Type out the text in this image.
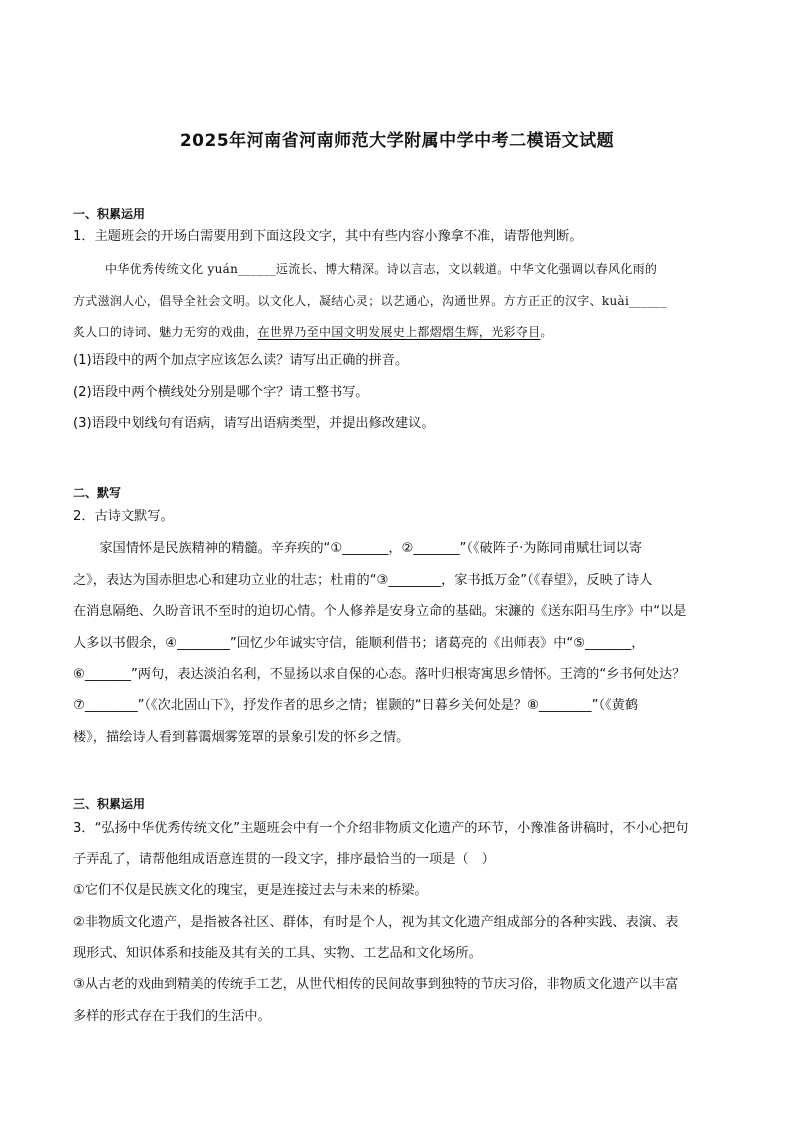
2025年河南省河南师范大学附属中学中考二模语文试题
一、积累运用
1．主题班会的开场白需要用到下面这段文字，其中有些内容小豫拿不准，请帮他判断。
中华优秀传统文化 yuán______远流长、博大精深。诗以言志，文以载道。中华文化强调以春风化雨的
方式滋润人心，倡导全社会文明。以文化人，凝结心灵；以艺通心，沟通世界。方方正正的汉字、kuài______
炙人口的诗词、魅力无穷的戏曲，在世界乃至中国文明发展史上都熠熠生辉，光彩夺目。
(1)语段中的两个加点字应该怎么读？请写出正确的拼音。
(2)语段中两个横线处分别是哪个字？请工整书写。
(3)语段中划线句有语病，请写出语病类型，并提出修改建议。
二、默写
2．古诗文默写。
　　家国情怀是民族精神的精髓。辛弃疾的“①_______，②_______”（《破阵子·为陈同甫赋壮词以寄
之》，表达为国赤胆忠心和建功立业的壮志；杜甫的“③________，家书抵万金”（《春望》，反映了诗人
在消息隔绝、久盼音讯不至时的迫切心情。个人修养是安身立命的基础。宋濂的《送东阳马生序》中“以是
人多以书假余，④________”回忆少年诚实守信，能顺利借书；诸葛亮的《出师表》中“⑤_______，
⑥_______”两句，表达淡泊名利，不显扬以求自保的心态。落叶归根寄寓思乡情怀。王湾的“乡书何处达？
⑦________”（《次北固山下》，抒发作者的思乡之情；崔颢的“日暮乡关何处是？⑧________”（《黄鹤
楼》，描绘诗人看到暮霭烟雾笼罩的景象引发的怀乡之情。
三、积累运用
3．“弘扬中华优秀传统文化”主题班会中有一个介绍非物质文化遗产的环节，小豫准备讲稿时，不小心把句
子弄乱了，请帮他组成语意连贯的一段文字，排序最恰当的一项是（　）
①它们不仅是民族文化的瑰宝，更是连接过去与未来的桥梁。
②非物质文化遗产，是指被各社区、群体，有时是个人，视为其文化遗产组成部分的各种实践、表演、表
现形式、知识体系和技能及其有关的工具、实物、工艺品和文化场所。
③从古老的戏曲到精美的传统手工艺，从世代相传的民间故事到独特的节庆习俗，非物质文化遗产以丰富
多样的形式存在于我们的生活中。
